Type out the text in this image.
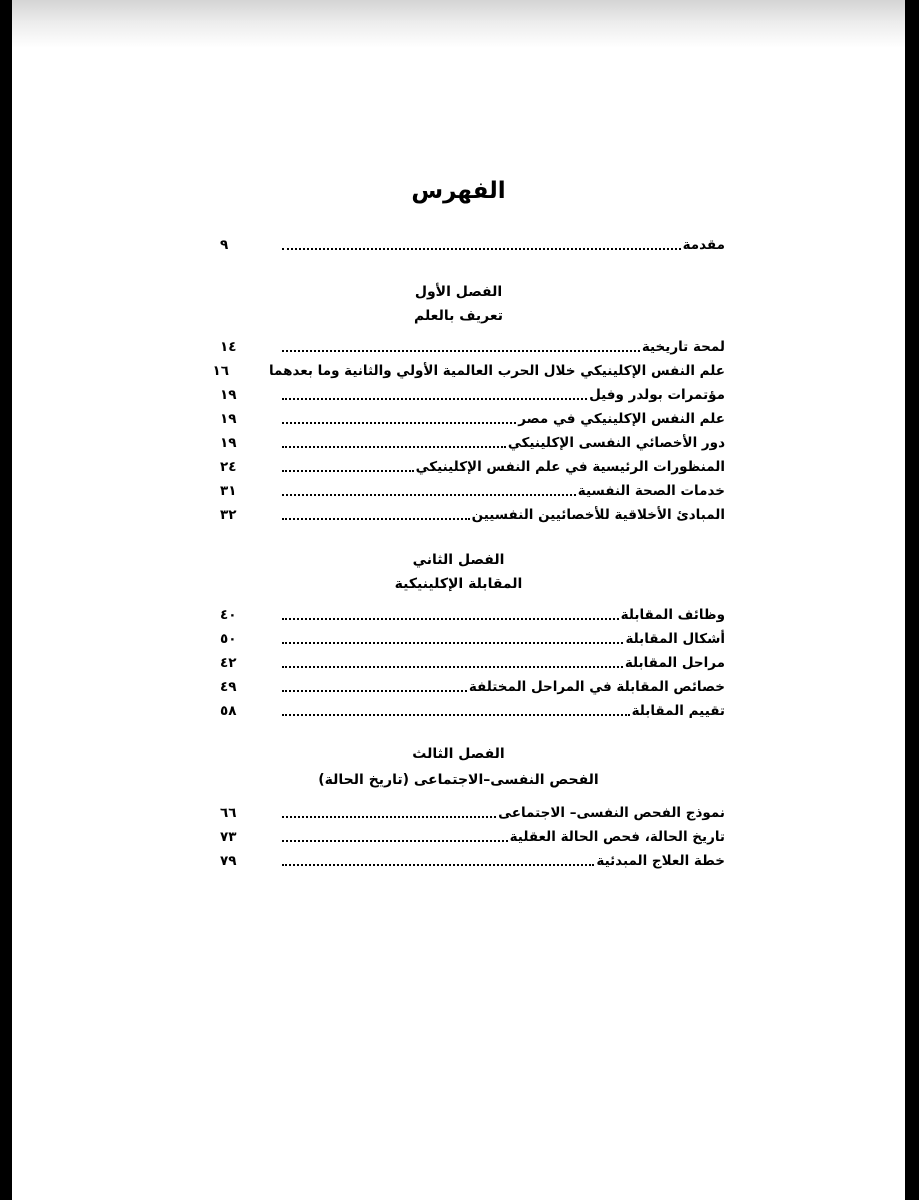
الفهرس
مقدمة
٩
الفصل الأول
تعريف بالعلم
لمحة تاريخية
١٤
علم النفس الإكلينيكي خلال الحرب العالمية الأولي والثانية وما بعدهما
١٦
مؤتمرات بولدر وفيل
١٩
علم النفس الإكلينيكي في مصر
١٩
دور الأخصائي النفسى الإكلينيكي
١٩
المنظورات الرئيسية في علم النفس الإكلينيكي
٢٤
خدمات الصحة النفسية
٣١
المبادئ الأخلاقية للأخصائيين النفسيين
٣٢
الفصل الثاني
المقابلة الإكلينيكية
وظائف المقابلة
٤٠
أشكال المقابلة
٥٠
مراحل المقابلة
٤٢
خصائص المقابلة في المراحل المختلفة
٤٩
تقييم المقابلة
٥٨
الفصل الثالث
الفحص النفسى–الاجتماعى (تاريخ الحالة)
نموذج الفحص النفسى– الاجتماعى
٦٦
تاريخ الحالة، فحص الحالة العقلية
٧٣
خطة العلاج المبدئية
٧٩
